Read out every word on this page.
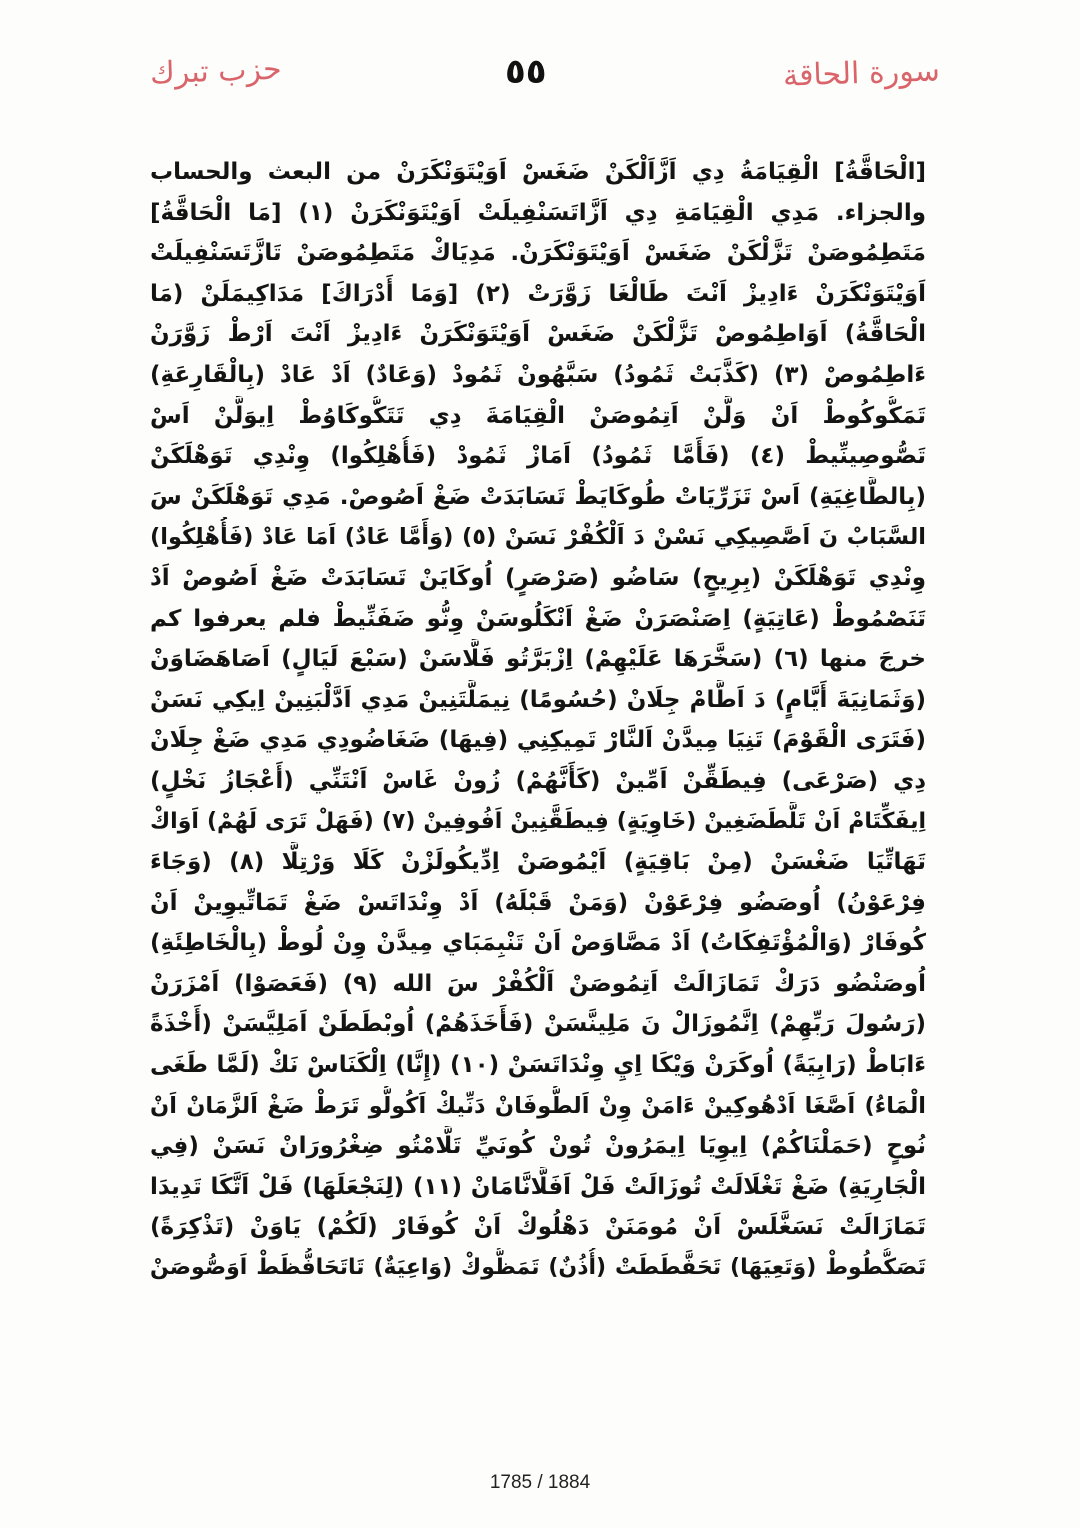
سورة الحاقة
٥٥
حزب تبرك
[الْحَاقَّةُ] الْقِيَامَةُ دِي اَزَّاَلْكَنْ ضَغَسْ اَوَيْتَوَنْكَرَنْ من البعث والحساب
والجزاء. مَدِي الْقِيَامَةِ دِي اَزَّاتَسَنْفِيلَتْ اَوَيْتَوَنْكَرَنْ (١) [مَا الْحَاقَّةُ]
مَتَطِمُوصَنْ تَزَّلْكَنْ ضَغَسْ اَوَيْتَوَنْكَرَنْ. مَدِيَاكْ مَتَطِمُوصَنْ تَازَّتَسَنْفِيلَتْ
اَوَيْتَوَنْكَرَنْ ءَادِيزْ اَنْتَ طَالْغَا زَوَّرَتْ (٢) [وَمَا أَدْرَاكَ] مَدَاكِيمَلَنْ (مَا
الْحَاقَّةُ) اَوَاطِمُوصْ تَزَّلْكَنْ ضَغَسْ اَوَيْتَوَنْكَرَنْ ءَادِيزْ اَنْتَ اَرْطْ زَوَّرَنْ
ءَاطِمُوصْ (٣) (كَذَّبَتْ ثَمُودُ) سَبَّهُونْ ثَمُودْ (وَعَادٌ) اَدْ عَادْ (بِالْقَارِعَةِ)
تَمَكُّوكُوطْ اَنْ وَلَّنْ اَتِمُوصَنْ الْقِيَامَةَ دِي تَتَكُّوكَاوُطْ اِيوَلَّنْ اَسْ
تَصُّوصِينِّيطْ (٤) (فَأَمَّا ثَمُودُ) اَمَازْ ثَمُودْ (فَأُهْلِكُوا) وِنْدِي تَوَهْلَكَنْ
(بِالطَّاغِيَةِ) اَسْ تَزَرِّيَاتْ طُوكَايَطْ تَسَابَدَتْ ضَغْ اَصُوصْ. مَدِي تَوَهْلَكَنْ سَ
السَّبَابْ نَ اَصَّصِيكِي نَسْنْ دَ اَلْكُفْرْ نَسَنْ (٥) (وَأَمَّا عَادٌ) اَمَا عَادْ (فَأُهْلِكُوا)
وِنْدِي تَوَهْلَكَنْ (بِرِيحٍ) سَاضُو (صَرْصَرٍ) اُوكَايَنْ تَسَابَدَتْ ضَغْ اَصُوصْ اَدْ
تَنَصْمُوطْ (عَاتِيَةٍ) اِصَنْصَرَنْ ضَغْ اَنْكَلُوسَنْ وِنُّو ضَفَنِّيطْ فلم يعرفوا كم
خرجَ منها (٦) (سَخَّرَهَا عَلَيْهِمْ) اِزْبَرَّتُو فَلَّاسَنْ (سَبْعَ لَيَالٍ) اَصَاهَضَاوَنْ
(وَثَمَانِيَةَ أَيَّامٍ) دَ اَطَّامْ جِلَانْ (حُسُومًا) نِيمَلَّتَنِينْ مَدِي اَدَّلْبَنِينْ اِيكِي نَسَنْ
(فَتَرَى الْقَوْمَ) تَنِيَا مِيدَّنْ اَلنَّارْ تَمِيكِنِي (فِيهَا) ضَغَاضُودِي مَدِي ضَغْ جِلَانْ
دِي (صَرْعَى) فِيطَقِّنْ اَمِّينْ (كَأَنَّهُمْ) زُونْ غَاسْ اَنْتَنِّي (أَعْجَازُ نَخْلٍ)
اِيفَكِّتَامْ اَنْ تَلَّطَضَغِينْ (خَاوِيَةٍ) فِيطَقَّنِينْ اَفُوفِينْ (٧) (فَهَلْ تَرَى لَهُمْ) اَوَاكْ
تَهَاتِّيَا ضَغْسَنْ (مِنْ بَاقِيَةٍ) اَيْمُوصَنْ اِدِّيكُولَزْنْ كَلَا وَرْتِلَّا (٨) (وَجَاءَ
فِرْعَوْنُ) اُوصَضُو فِرْعَوْنْ (وَمَنْ قَبْلَهُ) اَدْ وِنْدَاتَسْ ضَغْ تَمَاتِّيوِينْ اَنْ
كُوفَارْ (وَالْمُؤْتَفِكَاتُ) اَدْ مَصَّاوَصْ اَنْ تَنْبِمَبَاي مِيدَّنْ وِنْ لُوطْ (بِالْخَاطِئَةِ)
اُوصَنْضُو دَرَكْ تَمَازَالَتْ اَتِمُوصَنْ اَلْكُفْرْ سَ الله (٩) (فَعَصَوْا) اَمْزَرَنْ
(رَسُولَ رَبِّهِمْ) اِنَّمُوزَالْ نَ مَلِينَّسَنْ (فَأَخَذَهُمْ) اُوبْطَطَنْ اَمَلِيَّسَنْ (أَخْذَةً
ءَابَاطْ (رَابِيَةً) اُوكَرَنْ وَيْكَا اِيِ وِنْدَاتَسَنْ (١٠) (إِنَّا) اِلْكَنَاسْ نَكْ (لَمَّا طَغَى
الْمَاءُ) اَصَّغَا اَدْهُوكِينْ ءَامَنْ وِنْ اَلطُّوفَانْ دَنِّيكْ اَكُولُّو تَرَطْ ضَغْ اَلزَّمَانْ اَنْ
نُوحٍ (حَمَلْنَاكُمْ) اِيوِيَا اِيمَرُونْ تُونْ كُونَيِّ تَلَّامْتُو ضِغْرُورَانْ نَسَنْ (فِي
الْجَارِيَةِ) ضَغْ تَغْلَالَتْ تُوزَالَتْ فَلْ اَفَلَّانَّامَانْ (١١) (لِنَجْعَلَهَا) فَلْ اَتَّكَا تَدِيدَا
تَمَازَالَتْ نَسَغَّلَسْ اَنْ مُومَنَنْ دَهْلُوكْ اَنْ كُوفَارْ (لَكُمْ) يَاوَنْ (تَذْكِرَةً)
تَصَكُّطُوطْ (وَتَعِيَهَا) تَحَفَّطَطَتْ (أُذُنٌ) تَمَظُّوكْ (وَاعِيَةٌ) تَاتَحَافُّظَطْ اَوَصُّوصَنْ
1785 / 1884
